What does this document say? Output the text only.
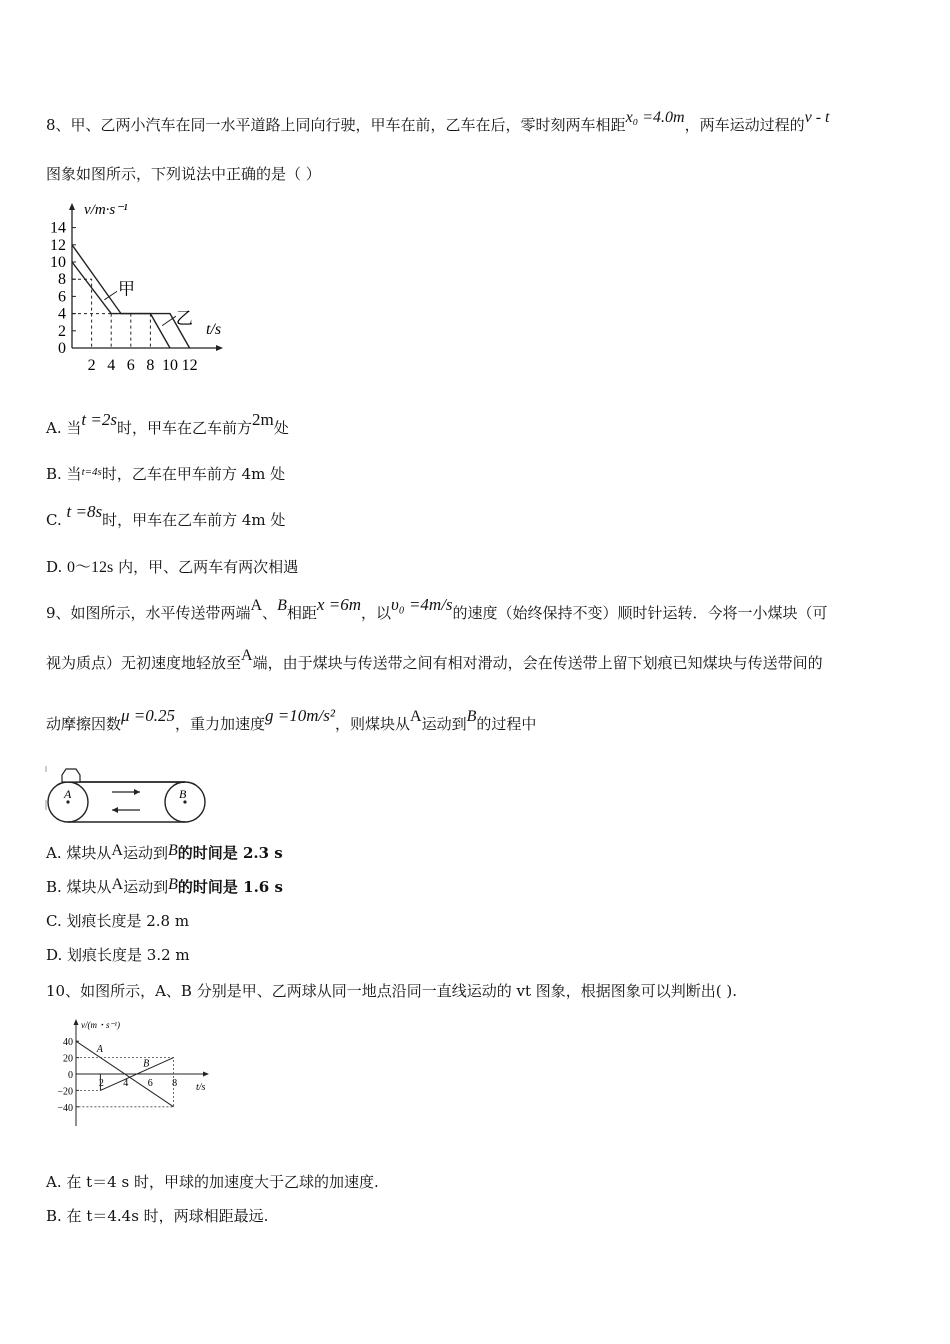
8、甲、乙两小汽车在同一水平道路上同向行驶，甲车在前，乙车在后，零时刻两车相距x₀ =4.0m，两车运动过程的v - t
图象如图所示，下列说法中正确的是（ ）
14
12
10
8
6
4
2
0
2 4 6 8 10 12
v/m·s⁻¹
t/s
甲
乙
A. 当t =2s时，甲车在乙车前方2m处
B. 当$^{t=4s}$时，乙车在甲车前方 4m 处
C. t =8s时，甲车在乙车前方 4m 处
D. 0～12s 内，甲、乙两车有两次相遇
9、如图所示，水平传送带两端A、B相距x =6m，以υ₀ =4m/s的速度（始终保持不变）顺时针运转．今将一小煤块（可
视为质点）无初速度地轻放至A端，由于煤块与传送带之间有相对滑动，会在传送带上留下划痕已知煤块与传送带间的
动摩擦因数μ =0.25，重力加速度g =10m/s²，则煤块从A运动到B的过程中
A	B
A. 煤块从A运动到B的时间是 2.3 s
B. 煤块从A运动到B的时间是 1.6 s
C. 划痕长度是 2.8 m
D. 划痕长度是 3.2 m
10、如图所示，A、B 分别是甲、乙两球从同一地点沿同一直线运动的 vt 图象，根据图象可以判断出( ).
40
20
0
−20
−40
2 4 6 8
v/(m・s⁻¹)
t/s
A
B
A. 在 t＝4 s 时，甲球的加速度大于乙球的加速度.
B. 在 t＝4.4s 时，两球相距最远.
